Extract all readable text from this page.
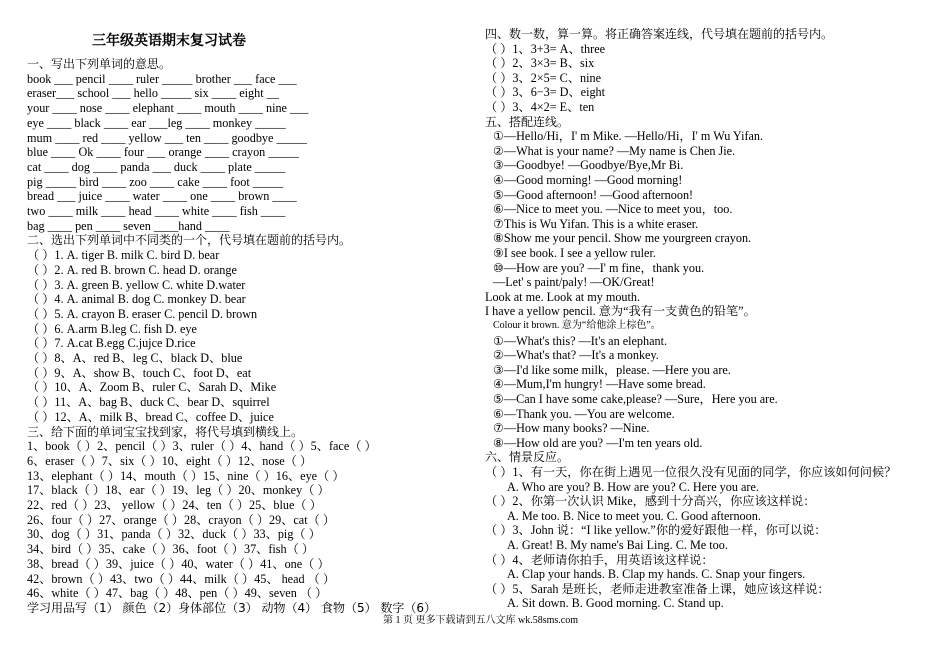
三年级英语期末复习试卷
一、写出下列单词的意思。
book ___ pencil ____ ruler _____ brother ___ face ___
eraser___ school ___ hello _____ six ____ eight __
your ____ nose ____ elephant ____ mouth ____ nine ___
eye ____ black ____ ear ___leg ____ monkey _____
mum ____ red ____ yellow ___ ten ____ goodbye _____
blue ____ Ok ____ four ___ orange ____ crayon _____
cat ____ dog ____ panda ___ duck ____ plate _____
pig _____ bird ____ zoo ____ cake ____ foot _____
bread ___ juice ____ water ____ one ____ brown ____
two ____ milk ____ head ____ white ____ fish ____
bag ____ pen ____ seven ____hand ____
二、选出下列单词中不同类的一个，代号填在题前的括号内。
（ ）1. A. tiger B. milk C. bird D. bear
（ ）2. A. red B. brown C. head D. orange
（ ）3. A. green B. yellow C. white D.water
（ ）4. A. animal B. dog C. monkey D. bear
（ ）5. A. crayon B. eraser C. pencil D. brown
（ ）6. A.arm B.leg C. fish D. eye
（ ）7. A.cat B.egg C.jujce D.rice
（ ）8、A、red B、leg C、black D、blue
（ ）9、A、show B、touch C、foot D、eat
（ ）10、A、Zoom B、ruler C、Sarah D、Mike
（ ）11、A、bag B、duck C、bear D、squirrel
（ ）12、A、milk B、bread C、coffee D、juice
三、给下面的单词宝宝找到家，将代号填到横线上。
1、book（ ）2、pencil（ ）3、ruler（ ）4、hand（ ）5、face（ ）
6、eraser（ ）7、six（ ）10、eight（ ）12、nose（ ）
13、elephant（ ）14、mouth（ ）15、nine（ ）16、eye（ ）
17、black（ ）18、ear（ ）19、leg（ ）20、monkey（ ）
22、red（ ）23、 yellow（ ）24、ten（ ）25、blue（ ）
26、four（ ）27、orange（ ）28、crayon（ ）29、cat（ ）
30、dog（ ）31、panda（ ）32、duck（ ）33、pig（ ）
34、bird（ ）35、cake（ ）36、foot（ ）37、fish（ ）
38、bread（ ）39、juice（ ）40、water（ ）41、one（ ）
42、brown（ ）43、two（ ）44、milk（ ）45、 head （ ）
46、white（ ）47、bag（ ）48、pen（ ）49、seven （ ）
学习用品写（1） 颜色（2）身体部位（3） 动物（4） 食物（5） 数字（6）
四、数一数，算一算。将正确答案连线，代号填在题前的括号内。
（ ）1、3+3= A、three
（ ）2、3×3= B、six
（ ）3、2×5= C、nine
（ ）3、6−3= D、eight
（ ）3、4×2= E、ten
五、搭配连线。
①—Hello/Hi，I' m Mike. —Hello/Hi，I' m Wu Yifan.
②—What is your name? —My name is Chen Jie.
③—Goodbye! —Goodbye/Bye,Mr Bi.
④—Good morning! —Good morning!
⑤—Good afternoon! —Good afternoon!
⑥—Nice to meet you. —Nice to meet you，too.
⑦This is Wu Yifan. This is a white eraser.
⑧Show me your pencil. Show me yourgreen crayon.
⑨I see book. I see a yellow ruler.
⑩—How are you? —I' m fine，thank you.
—Let' s paint/paly! —OK/Great!
Look at me. Look at my mouth.
I have a yellow pencil. 意为“我有一支黄色的铅笔”。
Colour it brown. 意为“给他涂上棕色”。
①—What's this? —It's an elephant.
②—What's that? —It's a monkey.
③—I'd like some milk，please. —Here you are.
④—Mum,I'm hungry! —Have some bread.
⑤—Can I have some cake,please? —Sure，Here you are.
⑥—Thank you. —You are welcome.
⑦—How many books? —Nine.
⑧—How old are you? —I'm ten years old.
六、情景反应。
（ ）1、有一天，你在街上遇见一位很久没有见面的同学，你应该如何问候？
A. Who are you? B. How are you? C. Here you are.
（ ）2、你第一次认识 Mike，感到十分高兴，你应该这样说：
A. Me too. B. Nice to meet you. C. Good afternoon.
（ ）3、John 说：“I like yellow.”你的爱好跟他一样，你可以说：
A. Great! B. My name's Bai Ling. C. Me too.
（ ）4、老师请你拍手，用英语该这样说：
A. Clap your hands. B. Clap my hands. C. Snap your fingers.
（ ）5、Sarah 是班长，老师走进教室准备上课，她应该这样说：
A. Sit down. B. Good morning. C. Stand up.
第 1 页 更多下载请到五八文库 wk.58sms.com
